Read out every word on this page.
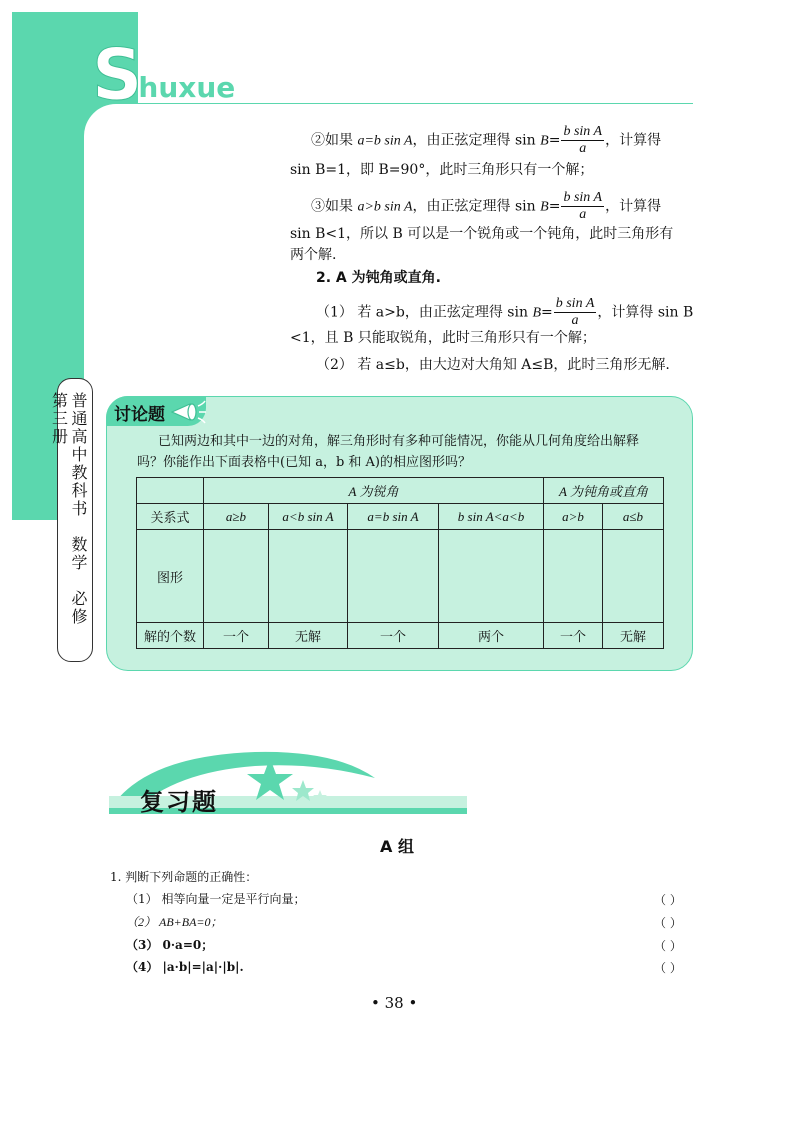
Shuxue
普通高中教科书　数学　必修　第三册
②如果 a=b sin A，由正弦定理得 $\sin B= \frac{\text{b sin A}}{a}$ ，计算得
sin B=1，即 B=90°，此时三角形只有一个解；
③如果 a>b sin A，由正弦定理得 $\sin B= \frac{\text{b sin A}}{a}$ ，计算得
sin B<1，所以 B 可以是一个锐角或一个钝角，此时三角形有
两个解.
2. A 为钝角或直角.
（1） 若 a>b，由正弦定理得 $\sin B= \frac{\text{b sin A}}{a}$ ，计算得 sin B
<1，且 B 只能取锐角，此时三角形只有一个解；
（2） 若 a≤b，由大边对大角知 A≤B，此时三角形无解.
讨论题
已知两边和其中一边的对角，解三角形时有多种可能情况，你能从几何角度给出解释
吗？你能作出下面表格中(已知 a，b 和 A)的相应图形吗？
	A 为锐角				A 为钝角或直角	
关系式	a≥b	a<b sin A	a=b sin A	b sin A<a<b	a>b	a≤b
图形						
解的个数	一个	无解	一个	两个	一个	无解
复习题
A 组
1. 判断下列命题的正确性：
（1） 相等向量一定是平行向量；	（ ）
（2） AB+BA=0；	（ ）
（3） 0·a=0；	（ ）
（4） |a·b|=|a|·|b|.	（ ）
• 38 •
